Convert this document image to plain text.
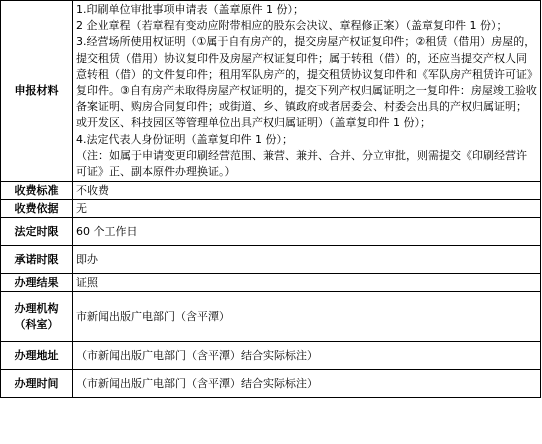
申报材料	1.印刷单位审批事项申请表（盖章原件 1 份）；

2 企业章程（若章程有变动应附带相应的股东会决议、章程修正案）（盖章复印件 1 份）；

3.经营场所使用权证明（①属于自有房产的，提交房屋产权证复印件；②租赁（借用）房屋的，提交租赁（借用）协议复印件及房屋产权证复印件；属于转租（借）的，还应当提交产权人同意转租（借）的文件复印件；租用军队房产的，提交租赁协议复印件和《军队房产租赁许可证》复印件。③自有房产未取得房屋产权证明的，提交下列产权归属证明之一复印件：房屋竣工验收备案证明、购房合同复印件；或街道、乡、镇政府或者居委会、村委会出具的产权归属证明；或开发区、科技园区等管理单位出具产权归属证明）（盖章复印件 1 份）；

4.法定代表人身份证明（盖章复印件 1 份）；

（注：如属于申请变更印刷经营范围、兼营、兼并、合并、分立审批，则需提交《印刷经营许可证》正、副本原件办理换证。）

收费标准	不收费
收费依据	无
法定时限	60 个工作日
承诺时限	即办
办理结果	证照
办理机构（科室）	市新闻出版广电部门（含平潭）
办理地址	（市新闻出版广电部门（含平潭）结合实际标注）
办理时间	（市新闻出版广电部门（含平潭）结合实际标注）
